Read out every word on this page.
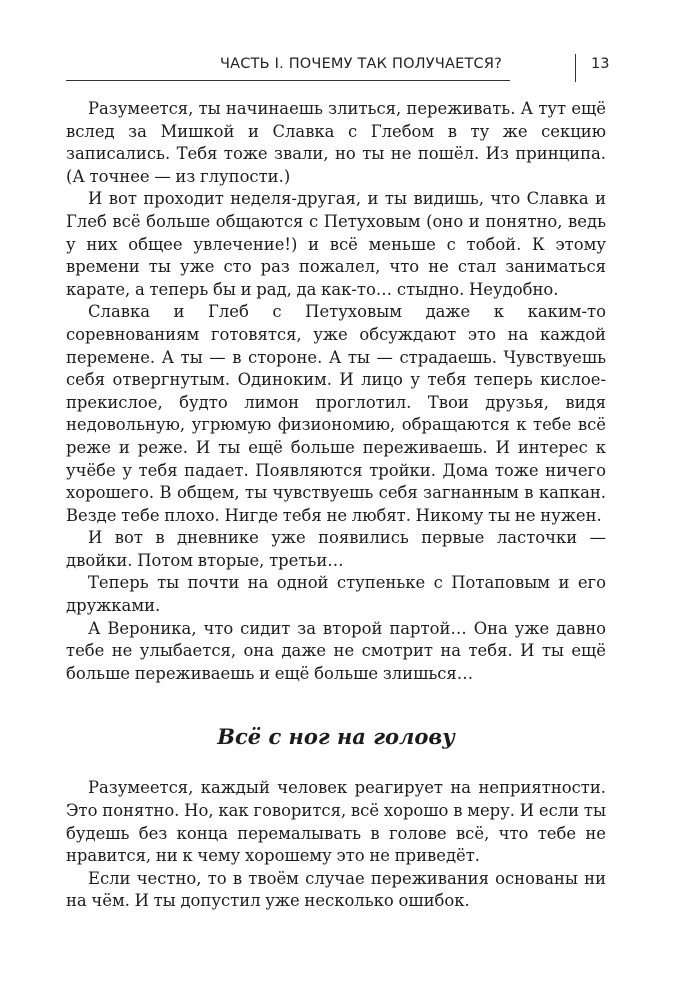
ЧАСТЬ I. ПОЧЕМУ ТАК ПОЛУЧАЕТСЯ?	13

Разумеется, ты начинаешь злиться, переживать. А тут ещё вслед за Мишкой и Славка с Глебом в ту же секцию записались. Тебя тоже звали, но ты не пошёл. Из принципа. (А точнее — из глупости.)

И вот проходит неделя-другая, и ты видишь, что Славка и Глеб всё больше общаются с Петуховым (оно и понятно, ведь у них общее увлечение!) и всё меньше с тобой. К этому времени ты уже сто раз пожалел, что не стал заниматься карате, а теперь бы и рад, да как-то… стыдно. Неудобно.

Славка и Глеб с Петуховым даже к каким-то соревнованиям готовятся, уже обсуждают это на каждой перемене. А ты — в стороне. А ты — страдаешь. Чувствуешь себя отвергнутым. Одиноким. И лицо у тебя теперь кислое-прекислое, будто лимон проглотил. Твои друзья, видя недовольную, угрюмую физиономию, обращаются к тебе всё реже и реже. И ты ещё больше переживаешь. И интерес к учёбе у тебя падает. Появляются тройки. Дома тоже ничего хорошего. В общем, ты чувствуешь себя загнанным в капкан. Везде тебе плохо. Нигде тебя не любят. Никому ты не нужен.

И вот в дневнике уже появились первые ласточки — двойки. Потом вторые, третьи…

Теперь ты почти на одной ступеньке с Потаповым и его дружками.

А Вероника, что сидит за второй партой… Она уже давно тебе не улыбается, она даже не смотрит на тебя. И ты ещё больше переживаешь и ещё больше злишься…

Всё с ног на голову

Разумеется, каждый человек реагирует на неприятности. Это понятно. Но, как говорится, всё хорошо в меру. И если ты будешь без конца перемалывать в голове всё, что тебе не нравится, ни к чему хорошему это не приведёт.

Если честно, то в твоём случае переживания основаны ни на чём. И ты допустил уже несколько ошибок.
